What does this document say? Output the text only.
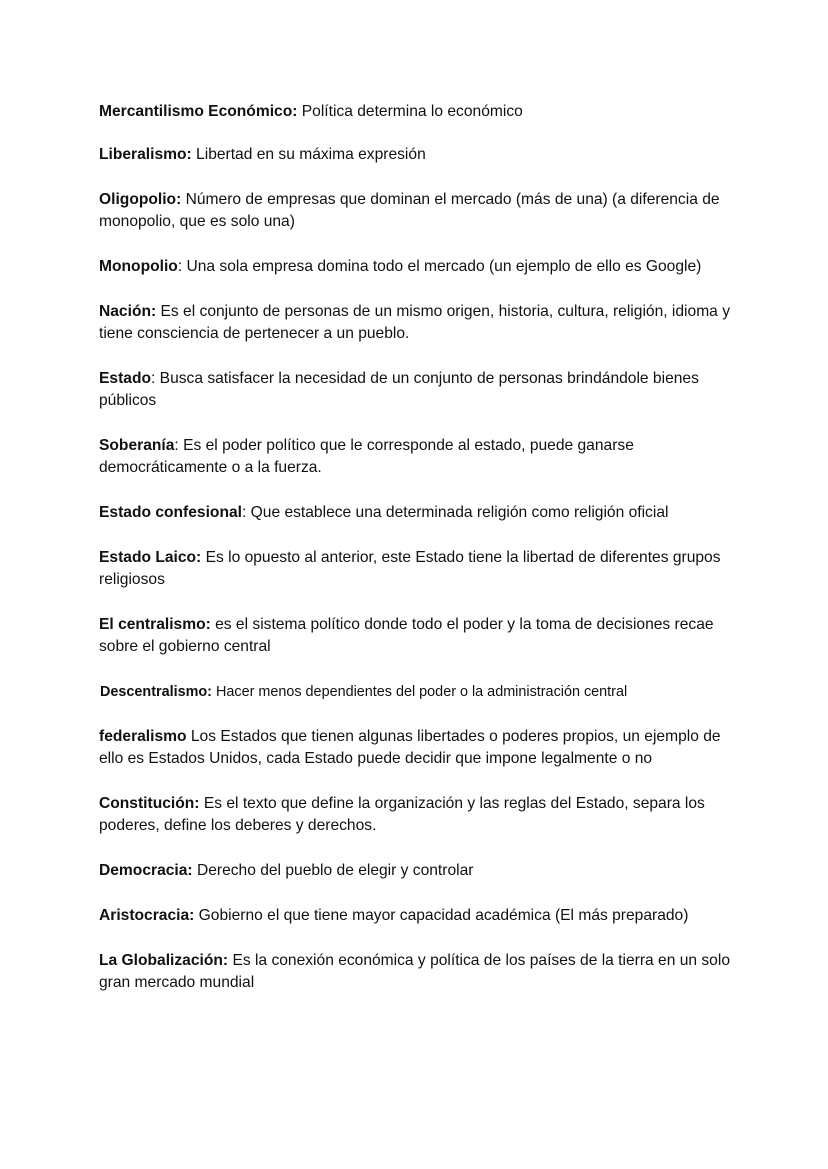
Mercantilismo Económico: Política determina lo económico

Liberalismo: Libertad en su máxima expresión

Oligopolio: Número de empresas que dominan el mercado (más de una) (a diferencia de monopolio, que es solo una)

Monopolio: Una sola empresa domina todo el mercado (un ejemplo de ello es Google)

Nación: Es el conjunto de personas de un mismo origen, historia, cultura, religión, idioma y tiene consciencia de pertenecer a un pueblo.

Estado: Busca satisfacer la necesidad de un conjunto de personas brindándole bienes públicos

Soberanía: Es el poder político que le corresponde al estado, puede ganarse democráticamente o a la fuerza.

Estado confesional: Que establece una determinada religión como religión oficial

Estado Laico: Es lo opuesto al anterior, este Estado tiene la libertad de diferentes grupos religiosos

El centralismo: es el sistema político donde todo el poder y la toma de decisiones recae sobre el gobierno central

Descentralismo: Hacer menos dependientes del poder o la administración central

federalismo Los Estados que tienen algunas libertades o poderes propios, un ejemplo de ello es Estados Unidos, cada Estado puede decidir que impone legalmente o no

Constitución: Es el texto que define la organización y las reglas del Estado, separa los poderes, define los deberes y derechos.

Democracia: Derecho del pueblo de elegir y controlar

Aristocracia: Gobierno el que tiene mayor capacidad académica (El más preparado)

La Globalización: Es la conexión económica y política de los países de la tierra en un solo gran mercado mundial
